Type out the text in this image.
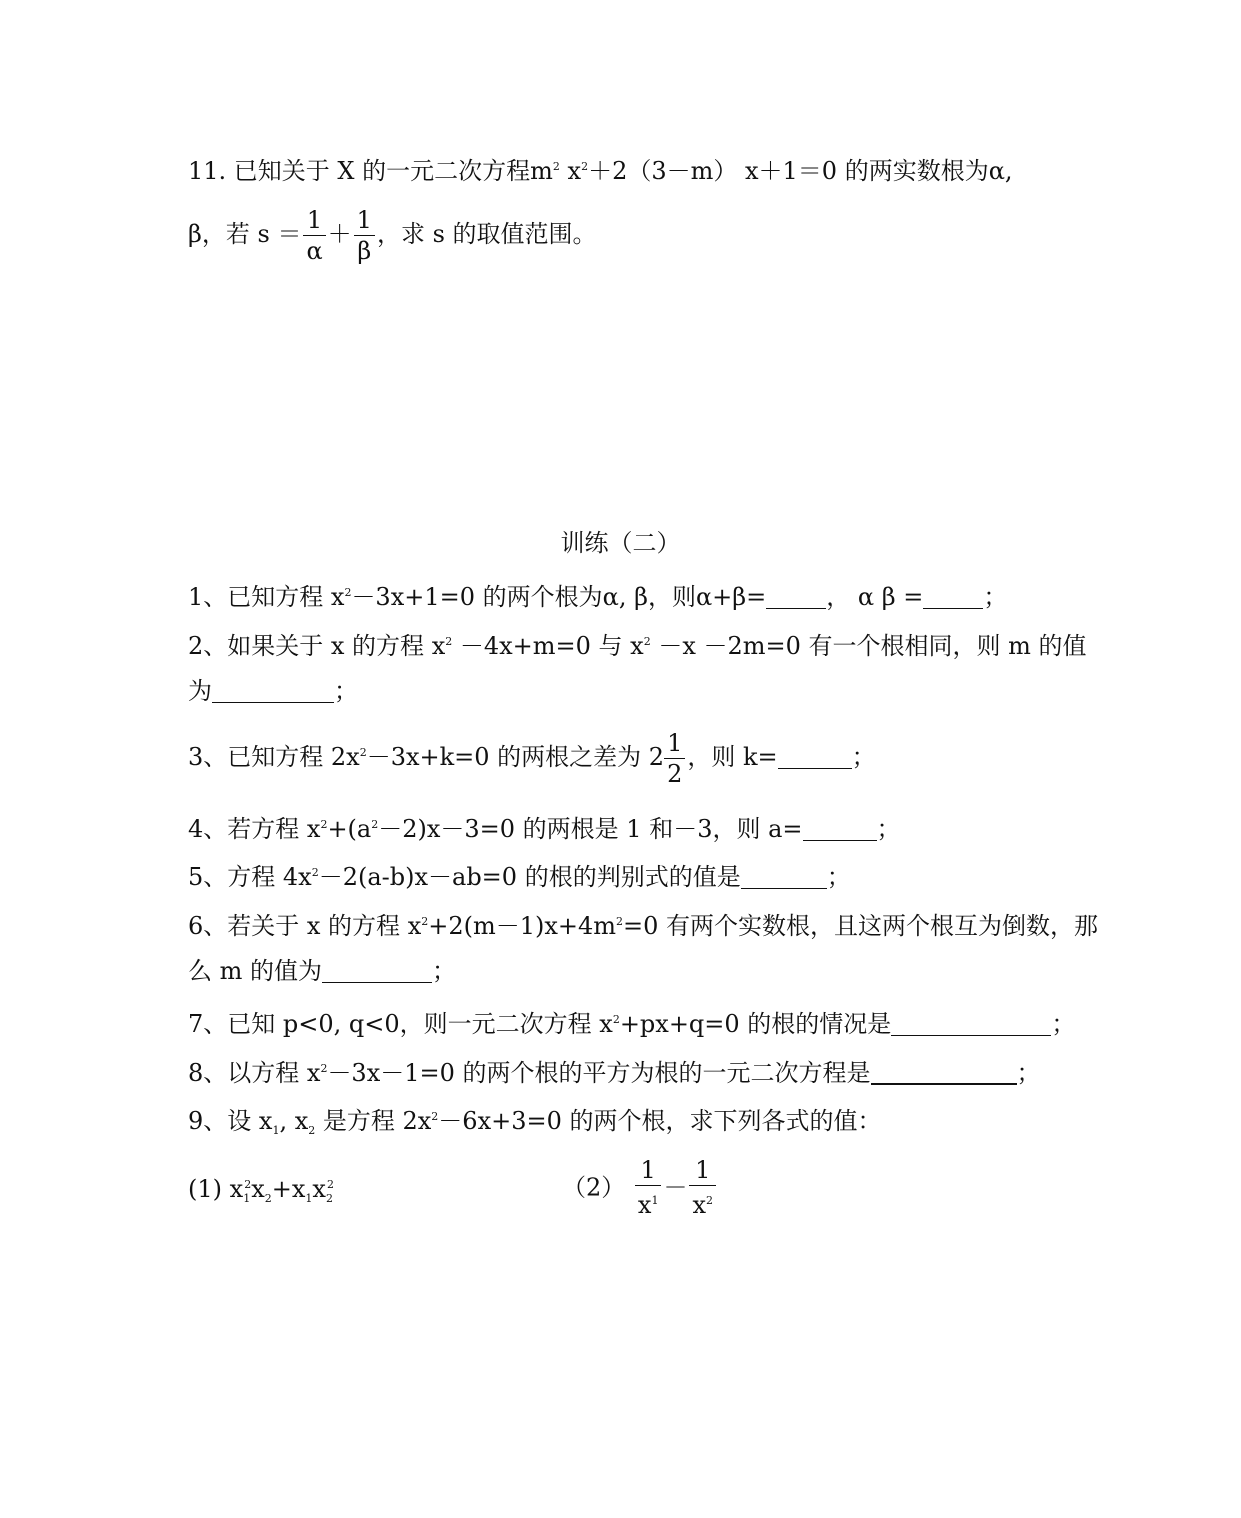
11. 已知关于 X 的一元二次方程$m^2$ $x^2+2(3-m)$ x＋1＝0 的两实数根为α,
β，若 $s = \frac{1}{\alpha} + \frac{1}{\beta}$ ，求 s 的取值范围。
训练（二）
1、已知方程 $x^2-3x+1=0$ 的两个根为α, β，则α+β=	， α β =	；
2、如果关于 x 的方程 $x^2 -4x+m=0$ 与 $x^2 -x -2m=0$ 有一个根相同，则 m 的值
为	；
3、已知方程 $2x^2-3x+k=0$ 的两根之差为 $2 \frac{1}{2}$ ，则 k=	；
4、若方程 $x^2+(a^2-2)x-3=0$ 的两根是 1 和－3，则 a=	；
5、方程 $4x^2-2(a-b)x-ab=0$ 的根的判别式的值是	；
6、若关于 x 的方程 $x^2+2(m-1)x+4m^2=0$ 有两个实数根，且这两个根互为倒数，那
么 m 的值为	；
7、已知 p<0, q<0，则一元二次方程 $x^2+px+q=0$ 的根的情况是	；
8、以方程 $x^2-3x-1=0$ 的两个根的平方为根的一元二次方程是	；
9、设 $x_1$, $x_2$ 是方程 $2x^2-6x+3=0$ 的两个根，求下列各式的值：
(1) $x_1^2x_2+x_1x_2^2$	$(2) \frac{1}{x^1} - \frac{1}{x^2}$
